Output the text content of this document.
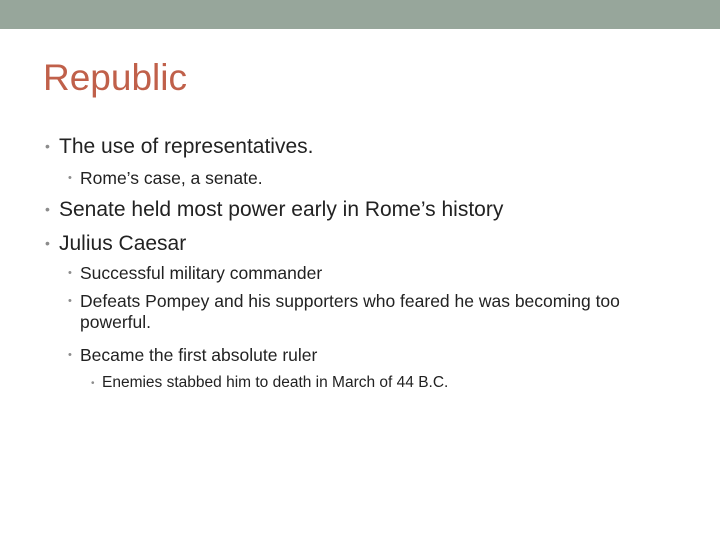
Republic
• The use of representatives.
• Rome’s case, a senate.
• Senate held most power early in Rome’s history
• Julius Caesar
• Successful military commander
• Defeats Pompey and his supporters who feared he was becoming too powerful.
• Became the first absolute ruler
• Enemies stabbed him to death in March of 44 B.C.
